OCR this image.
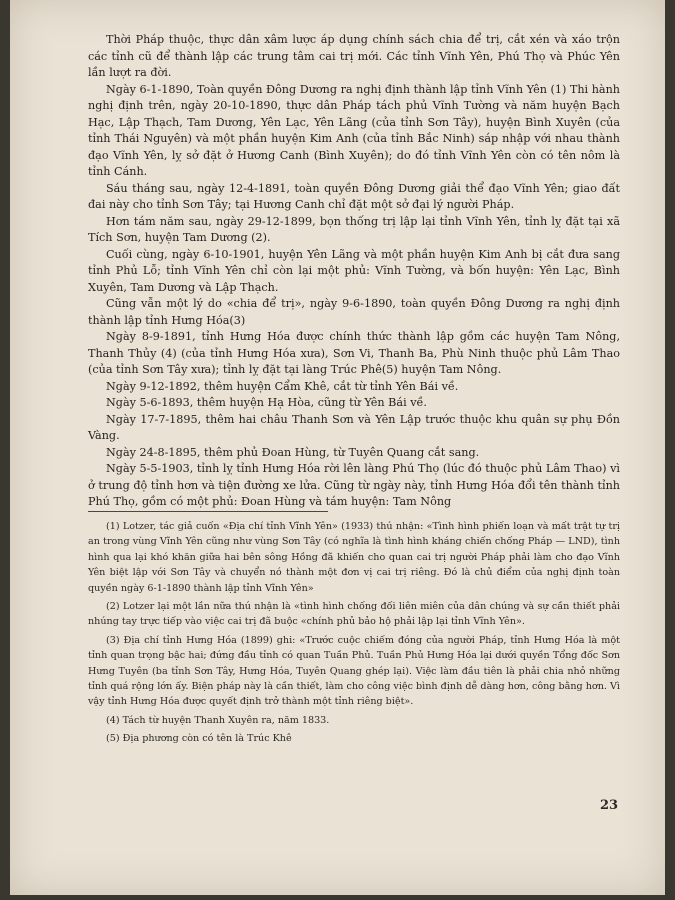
Thời Pháp thuộc, thực dân xâm lược áp dụng chính sách chia để trị, cắt xén và xáo trộn các tỉnh cũ để thành lập các trung tâm cai trị mới. Các tỉnh Vĩnh Yên, Phú Thọ và Phúc Yên lần lượt ra đời.

Ngày 6-1-1890, Toàn quyền Đông Dương ra nghị định thành lập tỉnh Vĩnh Yên (1) Thi hành nghị định trên, ngày 20-10-1890, thực dân Pháp tách phủ Vĩnh Tường và năm huyện Bạch Hạc, Lập Thạch, Tam Dương, Yên Lạc, Yên Lãng (của tỉnh Sơn Tây), huyện Bình Xuyên (của tỉnh Thái Nguyên) và một phần huyện Kim Anh (của tỉnh Bắc Ninh) sáp nhập với nhau thành đạo Vĩnh Yên, lỵ sở đặt ở Hương Canh (Bình Xuyên); do đó tỉnh Vĩnh Yên còn có tên nôm là tỉnh Cánh.

Sáu tháng sau, ngày 12-4-1891, toàn quyền Đông Dương giải thể đạo Vĩnh Yên; giao đất đai này cho tỉnh Sơn Tây; tại Hương Canh chỉ đặt một sở đại lý người Pháp.

Hơn tám năm sau, ngày 29-12-1899, bọn thống trị lập lại tỉnh Vĩnh Yên, tỉnh lỵ đặt tại xã Tích Sơn, huyện Tam Dương (2).

Cuối cùng, ngày 6-10-1901, huyện Yên Lãng và một phần huyện Kim Anh bị cắt đưa sang tỉnh Phủ Lỗ; tỉnh Vĩnh Yên chỉ còn lại một phủ: Vĩnh Tường, và bốn huyện: Yên Lạc, Bình Xuyên, Tam Dương và Lập Thạch.

Cũng vẫn một lý do «chia để trị», ngày 9-6-1890, toàn quyền Đông Dương ra nghị định thành lập tỉnh Hưng Hóa(3)

Ngày 8-9-1891, tỉnh Hưng Hóa được chính thức thành lập gồm các huyện Tam Nông, Thanh Thủy (4) (của tỉnh Hưng Hóa xưa), Sơn Vi, Thanh Ba, Phù Ninh thuộc phủ Lâm Thao (của tỉnh Sơn Tây xưa); tỉnh lỵ đặt tại làng Trúc Phê(5) huyện Tam Nông.

Ngày 9-12-1892, thêm huyện Cẩm Khê, cắt từ tỉnh Yên Bái về.

Ngày 5-6-1893, thêm huyện Hạ Hòa, cũng từ Yên Bái về.

Ngày 17-7-1895, thêm hai châu Thanh Sơn và Yên Lập trước thuộc khu quân sự phụ Đồn Vàng.

Ngày 24-8-1895, thêm phủ Đoan Hùng, từ Tuyên Quang cắt sang.

Ngày 5-5-1903, tỉnh lỵ tỉnh Hưng Hóa rời lên làng Phú Thọ (lúc đó thuộc phủ Lâm Thao) vì ở trung độ tỉnh hơn và tiện đường xe lửa. Cũng từ ngày này, tỉnh Hưng Hóa đổi tên thành tỉnh Phú Thọ, gồm có một phủ: Đoan Hùng và tám huyện: Tam Nông

(1) Lotzer, tác giả cuốn «Địa chí tỉnh Vĩnh Yên» (1933) thú nhận: «Tình hình phiến loạn và mất trật tự trị an trong vùng Vĩnh Yên cũng như vùng Sơn Tây (có nghĩa là tình hình kháng chiến chống Pháp — LND), tình hình qua lại khó khăn giữa hai bên sông Hồng đã khiến cho quan cai trị người Pháp phải làm cho đạo Vĩnh Yên biệt lập với Sơn Tây và chuyển nó thành một đơn vị cai trị riêng. Đó là chủ điểm của nghị định toàn quyền ngày 6-1-1890 thành lập tỉnh Vĩnh Yên»

(2) Lotzer lại một lần nữa thú nhận là «tình hình chống đối liên miên của dân chúng và sự cần thiết phải nhúng tay trực tiếp vào việc cai trị đã buộc «chính phủ bảo hộ phải lập lại tỉnh Vĩnh Yên».

(3) Địa chí tỉnh Hưng Hóa (1899) ghi: «Trước cuộc chiếm đóng của người Pháp, tỉnh Hưng Hóa là một tỉnh quan trọng bậc hai; đứng đầu tỉnh có quan Tuần Phủ. Tuần Phủ Hưng Hóa lại dưới quyền Tổng đốc Sơn Hưng Tuyên (ba tỉnh Sơn Tây, Hưng Hóa, Tuyên Quang ghép lại). Việc làm đầu tiên là phải chia nhỏ những tỉnh quá rộng lớn ấy. Biện pháp này là cần thiết, làm cho công việc bình định dễ dàng hơn, công bằng hơn. Vì vậy tỉnh Hưng Hóa được quyết định trở thành một tỉnh riêng biệt».

(4) Tách từ huyện Thanh Xuyên ra, năm 1833.

(5) Địa phương còn có tên là Trúc Khê

23
